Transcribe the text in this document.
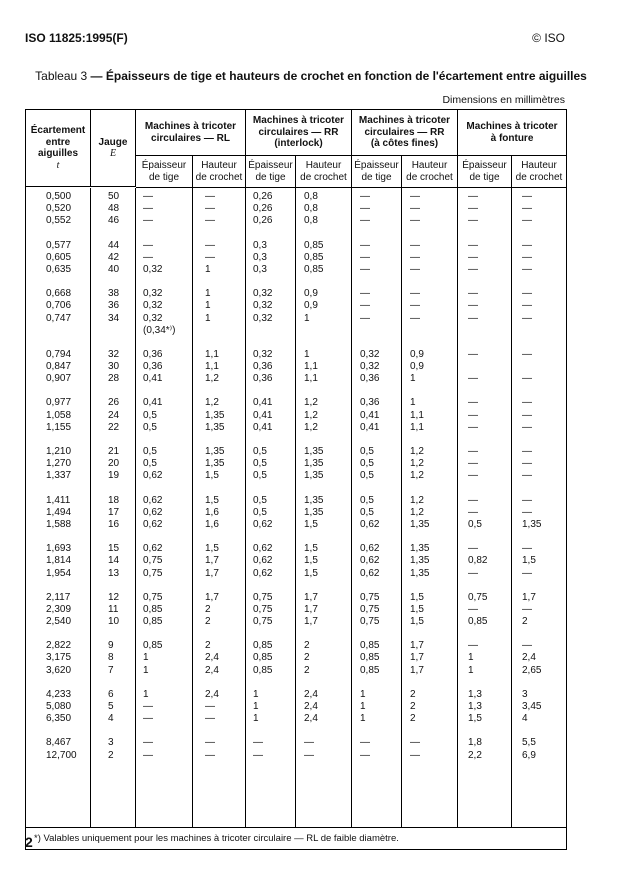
ISO 11825:1995(F)	© ISO
Tableau 3 — Épaisseurs de tige et hauteurs de crochet en fonction de l'écartement entre aiguilles
Dimensions en millimètres
Écartement
entre
aiguilles
t
Jauge
E
Machines à tricoter
circulaires — RL
Machines à tricoter
circulaires — RR
(interlock)
Machines à tricoter
circulaires — RR
(à côtes fines)
Machines à tricoter
à fonture
Épaisseur
de tige
Hauteur
de crochet
Épaisseur
de tige
Hauteur
de crochet
Épaisseur
de tige
Hauteur
de crochet
Épaisseur
de tige
Hauteur
de crochet
0,500	50	—	—	0,26	0,8	—	—	—	—
0,520	48	—	—	0,26	0,8	—	—	—	—
0,552	46	—	—	0,26	0,8	—	—	—	—
0,577	44	—	—	0,3	0,85	—	—	—	—
0,605	42	—	—	0,3	0,85	—	—	—	—
0,635	40	0,32	1	0,3	0,85	—	—	—	—
0,668	38	0,32	1	0,32	0,9	—	—	—	—
0,706	36	0,32	1	0,32	0,9	—	—	—	—
0,747	34	0,32	1	0,32	1	—	—	—	—
(0,34*⁾)
0,794	32	0,36	1,1	0,32	1	0,32	0,9	—	—
0,847	30	0,36	1,1	0,36	1,1	0,32	0,9
0,907	28	0,41	1,2	0,36	1,1	0,36	1	—	—
0,977	26	0,41	1,2	0,41	1,2	0,36	1	—	—
1,058	24	0,5	1,35	0,41	1,2	0,41	1,1	—	—
1,155	22	0,5	1,35	0,41	1,2	0,41	1,1	—	—
1,210	21	0,5	1,35	0,5	1,35	0,5	1,2	—	—
1,270	20	0,5	1,35	0,5	1,35	0,5	1,2	—	—
1,337	19	0,62	1,5	0,5	1,35	0,5	1,2	—	—
1,411	18	0,62	1,5	0,5	1,35	0,5	1,2	—	—
1,494	17	0,62	1,6	0,5	1,35	0,5	1,2	—	—
1,588	16	0,62	1,6	0,62	1,5	0,62	1,35	0,5	1,35
1,693	15	0,62	1,5	0,62	1,5	0,62	1,35	—	—
1,814	14	0,75	1,7	0,62	1,5	0,62	1,35	0,82	1,5
1,954	13	0,75	1,7	0,62	1,5	0,62	1,35	—	—
2,117	12	0,75	1,7	0,75	1,7	0,75	1,5	0,75	1,7
2,309	11	0,85	2	0,75	1,7	0,75	1,5	—	—
2,540	10	0,85	2	0,75	1,7	0,75	1,5	0,85	2
2,822	9	0,85	2	0,85	2	0,85	1,7	—	—
3,175	8	1	2,4	0,85	2	0,85	1,7	1	2,4
3,620	7	1	2,4	0,85	2	0,85	1,7	1	2,65
4,233	6	1	2,4	1	2,4	1	2	1,3	3
5,080	5	—	—	1	2,4	1	2	1,3	3,45
6,350	4	—	—	1	2,4	1	2	1,5	4
8,467	3	—	—	—	—	—	—	1,8	5,5
12,700	2	—	—	—	—	—	—	2,2	6,9
*) Valables uniquement pour les machines à tricoter circulaire — RL de faible diamètre.
2
